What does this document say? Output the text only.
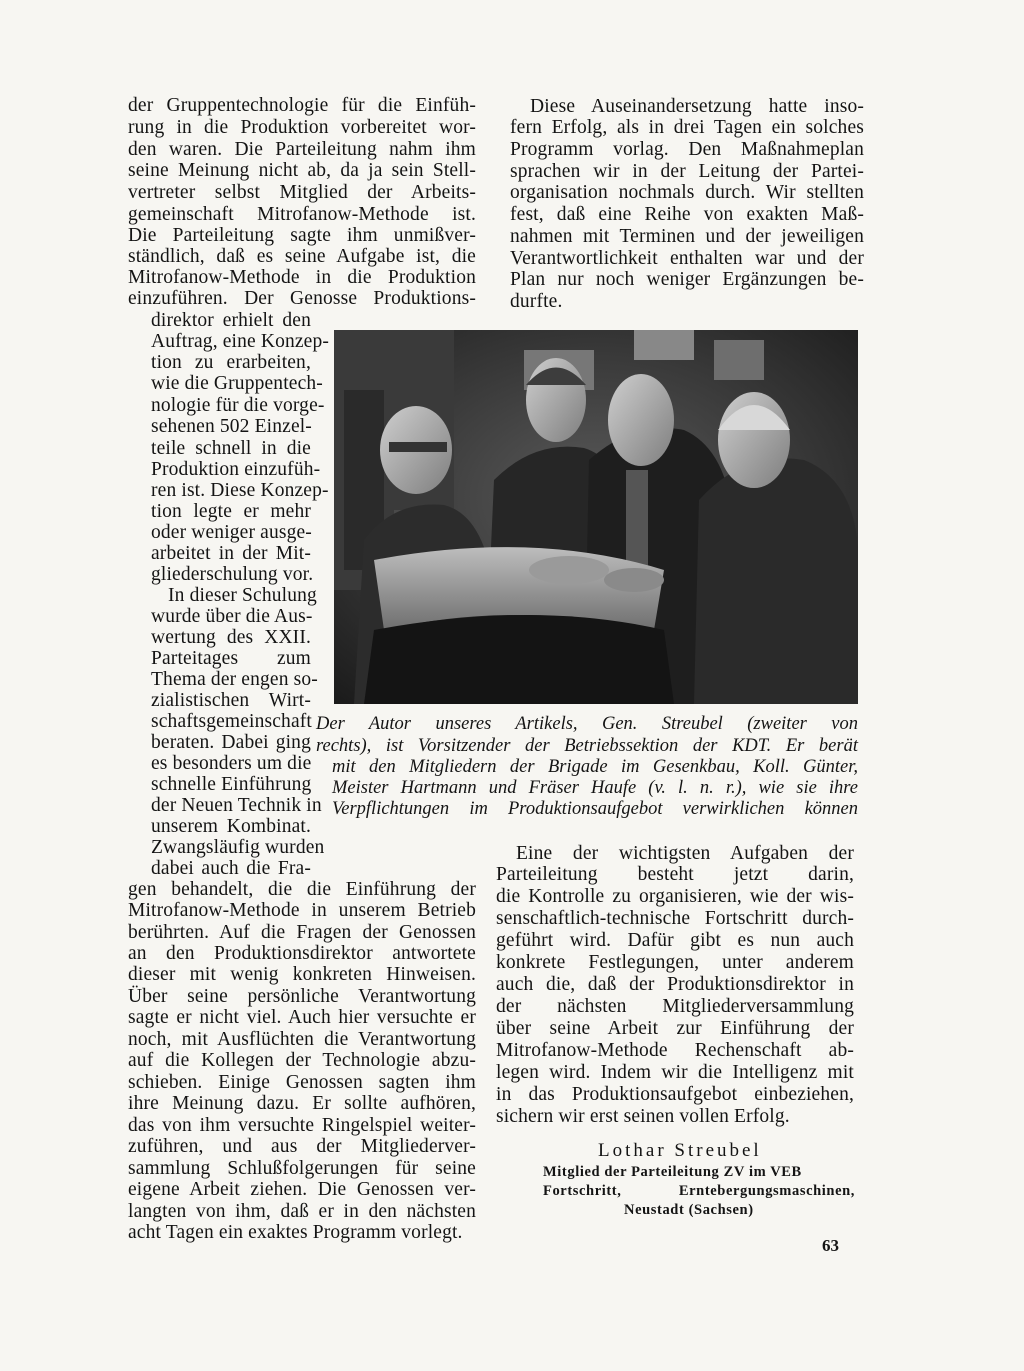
der Gruppentechnologie für die Einfüh-
rung in die Produktion vorbereitet wor-
den waren. Die Parteileitung nahm ihm
seine Meinung nicht ab, da ja sein Stell-
vertreter selbst Mitglied der Arbeits-
gemeinschaft Mitrofanow-Methode ist.
Die Parteileitung sagte ihm unmißver-
ständlich, daß es seine Aufgabe ist, die
Mitrofanow-Methode in die Produktion
einzuführen. Der Genosse Produktions-
direktor erhielt den
Auftrag, eine Konzep-
tion zu erarbeiten,
wie die Gruppentech-
nologie für die vorge-
sehenen 502 Einzel-
teile schnell in die
Produktion einzufüh-
ren ist. Diese Konzep-
tion legte er mehr
oder weniger ausge-
arbeitet in der Mit-
gliederschulung vor.
In dieser Schulung
wurde über die Aus-
wertung des XXII.
Parteitages zum
Thema der engen so-
zialistischen Wirt-
schaftsgemeinschaft
beraten. Dabei ging
es besonders um die
schnelle Einführung
der Neuen Technik in
unserem Kombinat.
Zwangsläufig wurden
dabei auch die Fra-
gen behandelt, die die Einführung der
Mitrofanow-Methode in unserem Betrieb
berührten. Auf die Fragen der Genossen
an den Produktionsdirektor antwortete
dieser mit wenig konkreten Hinweisen.
Über seine persönliche Verantwortung
sagte er nicht viel. Auch hier versuchte er
noch, mit Ausflüchten die Verantwortung
auf die Kollegen der Technologie abzu-
schieben. Einige Genossen sagten ihm
ihre Meinung dazu. Er sollte aufhören,
das von ihm versuchte Ringelspiel weiter-
zuführen, und aus der Mitgliederver-
sammlung Schlußfolgerungen für seine
eigene Arbeit ziehen. Die Genossen ver-
langten von ihm, daß er in den nächsten
acht Tagen ein exaktes Programm vorlegt.
Diese Auseinandersetzung hatte inso-
fern Erfolg, als in drei Tagen ein solches
Programm vorlag. Den Maßnahmeplan
sprachen wir in der Leitung der Partei-
organisation nochmals durch. Wir stellten
fest, daß eine Reihe von exakten Maß-
nahmen mit Terminen und der jeweiligen
Verantwortlichkeit enthalten war und der
Plan nur noch weniger Ergänzungen be-
durfte.
Der Autor unseres Artikels, Gen. Streubel (zweiter von
rechts), ist Vorsitzender der Betriebssektion der KDT. Er berät
mit den Mitgliedern der Brigade im Gesenkbau, Koll. Günter,
Meister Hartmann und Fräser Haufe (v. l. n. r.), wie sie ihre
Verpflichtungen im Produktionsaufgebot verwirklichen können
Eine der wichtigsten Aufgaben der
Parteileitung besteht jetzt darin,
die Kontrolle zu organisieren, wie der wis-
senschaftlich-technische Fortschritt durch-
geführt wird. Dafür gibt es nun auch
konkrete Festlegungen, unter anderem
auch die, daß der Produktionsdirektor in
der nächsten Mitgliederversammlung
über seine Arbeit zur Einführung der
Mitrofanow-Methode Rechenschaft ab-
legen wird. Indem wir die Intelligenz mit
in das Produktionsaufgebot einbeziehen,
sichern wir erst seinen vollen Erfolg.
Lothar Streubel
Mitglied der Parteileitung ZV im VEB
Fortschritt, Erntebergungsmaschinen,
Neustadt (Sachsen)
63
